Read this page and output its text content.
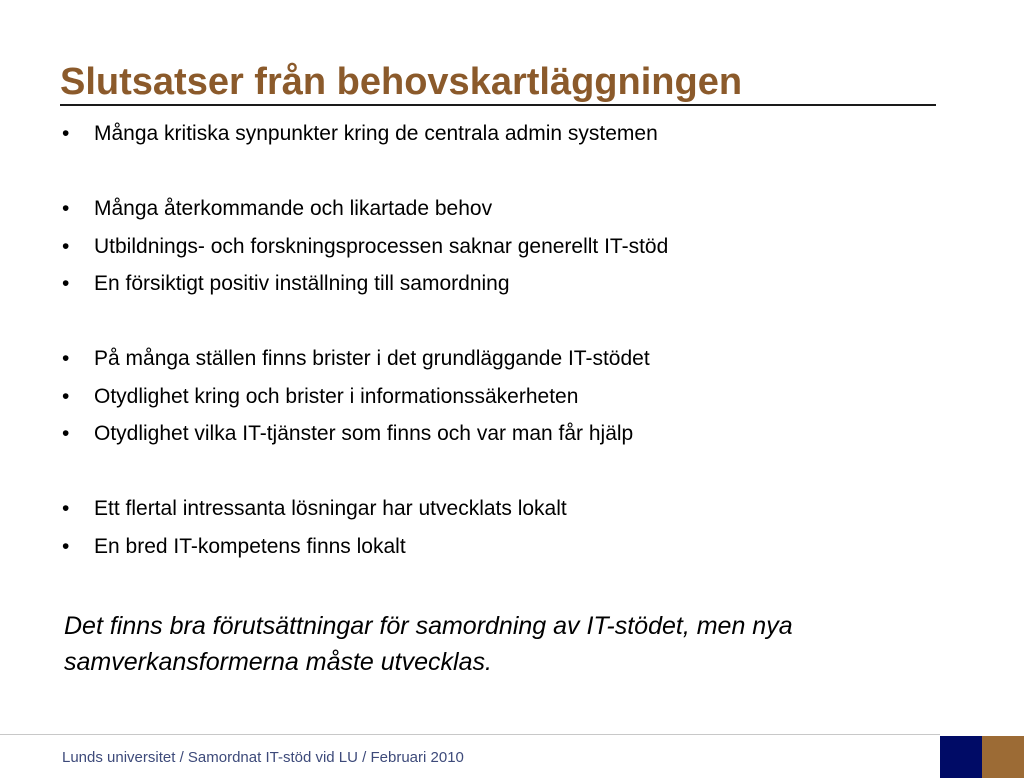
Slutsatser från behovskartläggningen
• Många kritiska synpunkter kring de centrala admin systemen
• Många återkommande och likartade behov
• Utbildnings- och forskningsprocessen saknar generellt IT-stöd
• En försiktigt positiv inställning till samordning
• På många ställen finns brister i det grundläggande IT-stödet
• Otydlighet kring och brister i informationssäkerheten
• Otydlighet vilka IT-tjänster som finns och var man får hjälp
• Ett flertal intressanta lösningar har utvecklats lokalt
• En bred IT-kompetens finns lokalt

Det finns bra förutsättningar för samordning av IT-stödet, men nya samverkansformerna måste utvecklas.

Lunds universitet / Samordnat IT-stöd vid LU / Februari 2010
